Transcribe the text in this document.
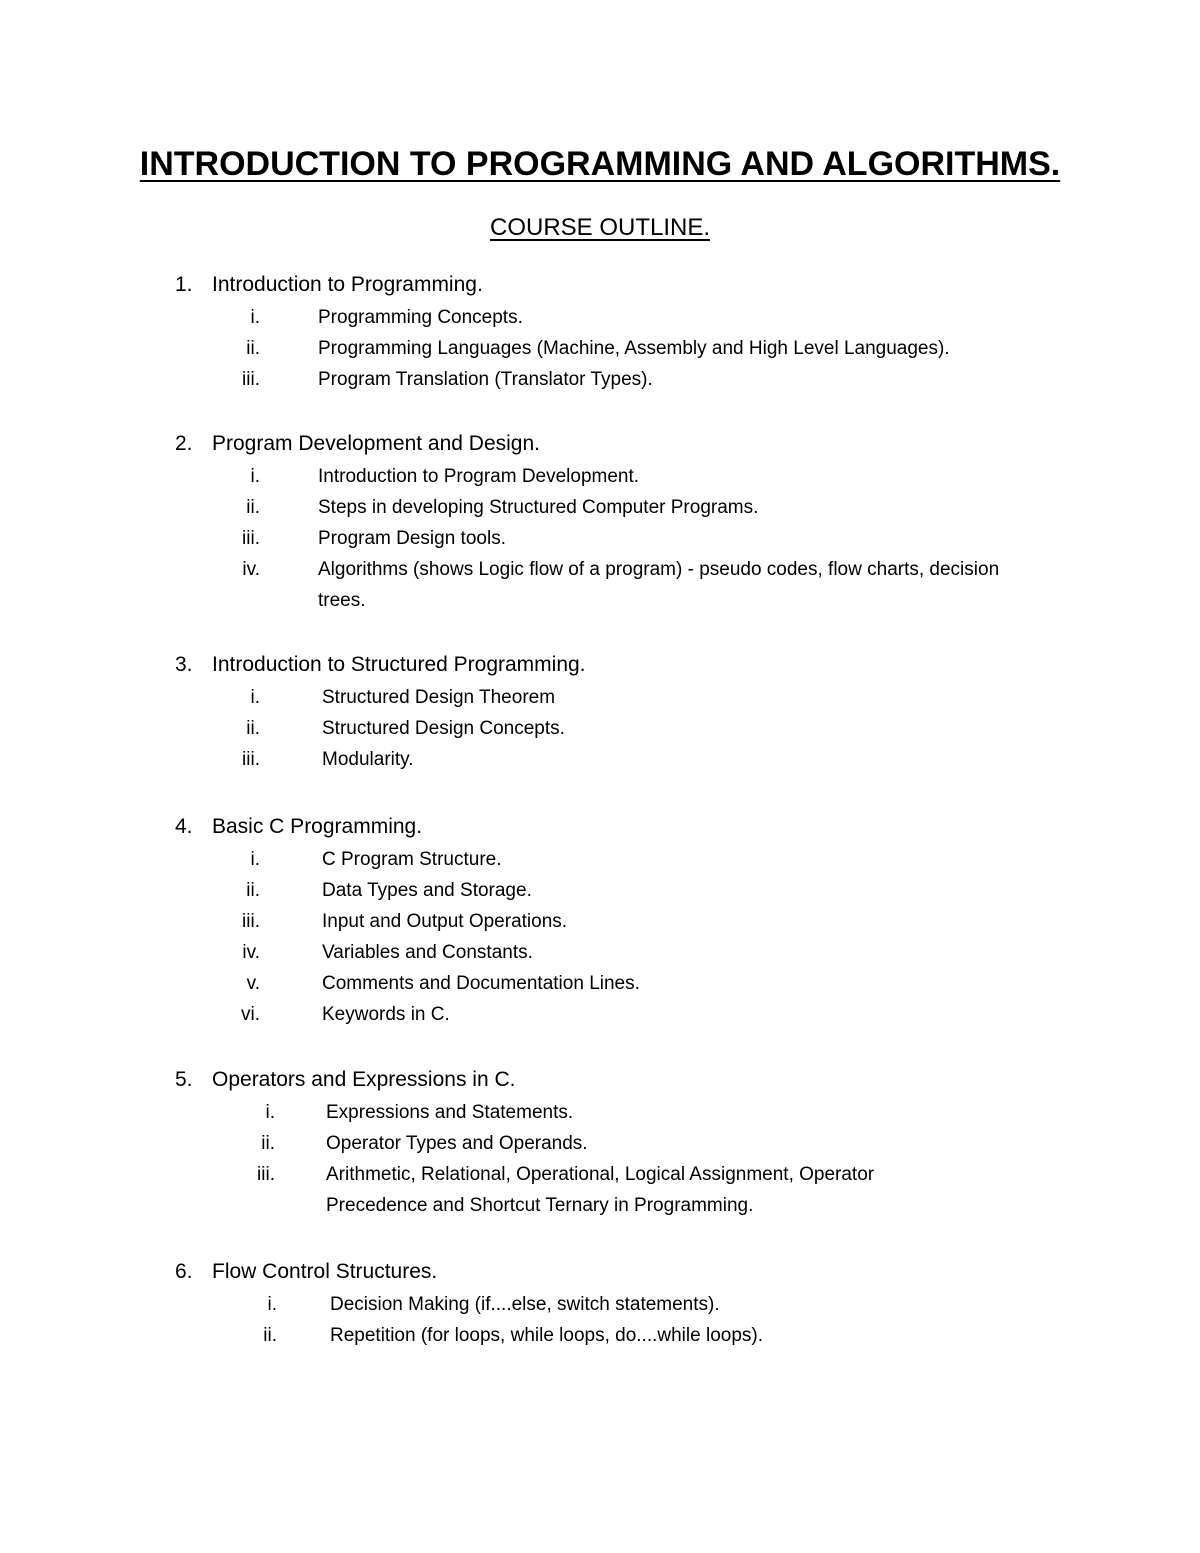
INTRODUCTION TO PROGRAMMING AND ALGORITHMS.
COURSE OUTLINE.
1. Introduction to Programming.
i.	Programming Concepts.
ii.	Programming Languages (Machine, Assembly and High Level Languages).
iii.	Program Translation (Translator Types).
2. Program Development and Design.
i.	Introduction to Program Development.
ii.	Steps in developing Structured Computer Programs.
iii.	Program Design tools.
iv.	Algorithms (shows Logic flow of a program) - pseudo codes, flow charts, decision trees.
3. Introduction to Structured Programming.
i.	Structured Design Theorem
ii.	Structured Design Concepts.
iii.	Modularity.
4. Basic C Programming.
i.	C Program Structure.
ii.	Data Types and Storage.
iii.	Input and Output Operations.
iv.	Variables and Constants.
v.	Comments and Documentation Lines.
vi.	Keywords in C.
5. Operators and Expressions in C.
i.	Expressions and Statements.
ii.	Operator Types and Operands.
iii.	Arithmetic, Relational, Operational, Logical Assignment, Operator Precedence and Shortcut Ternary in Programming.
6. Flow Control Structures.
i.	Decision Making (if....else, switch statements).
ii.	Repetition (for loops, while loops, do....while loops).
